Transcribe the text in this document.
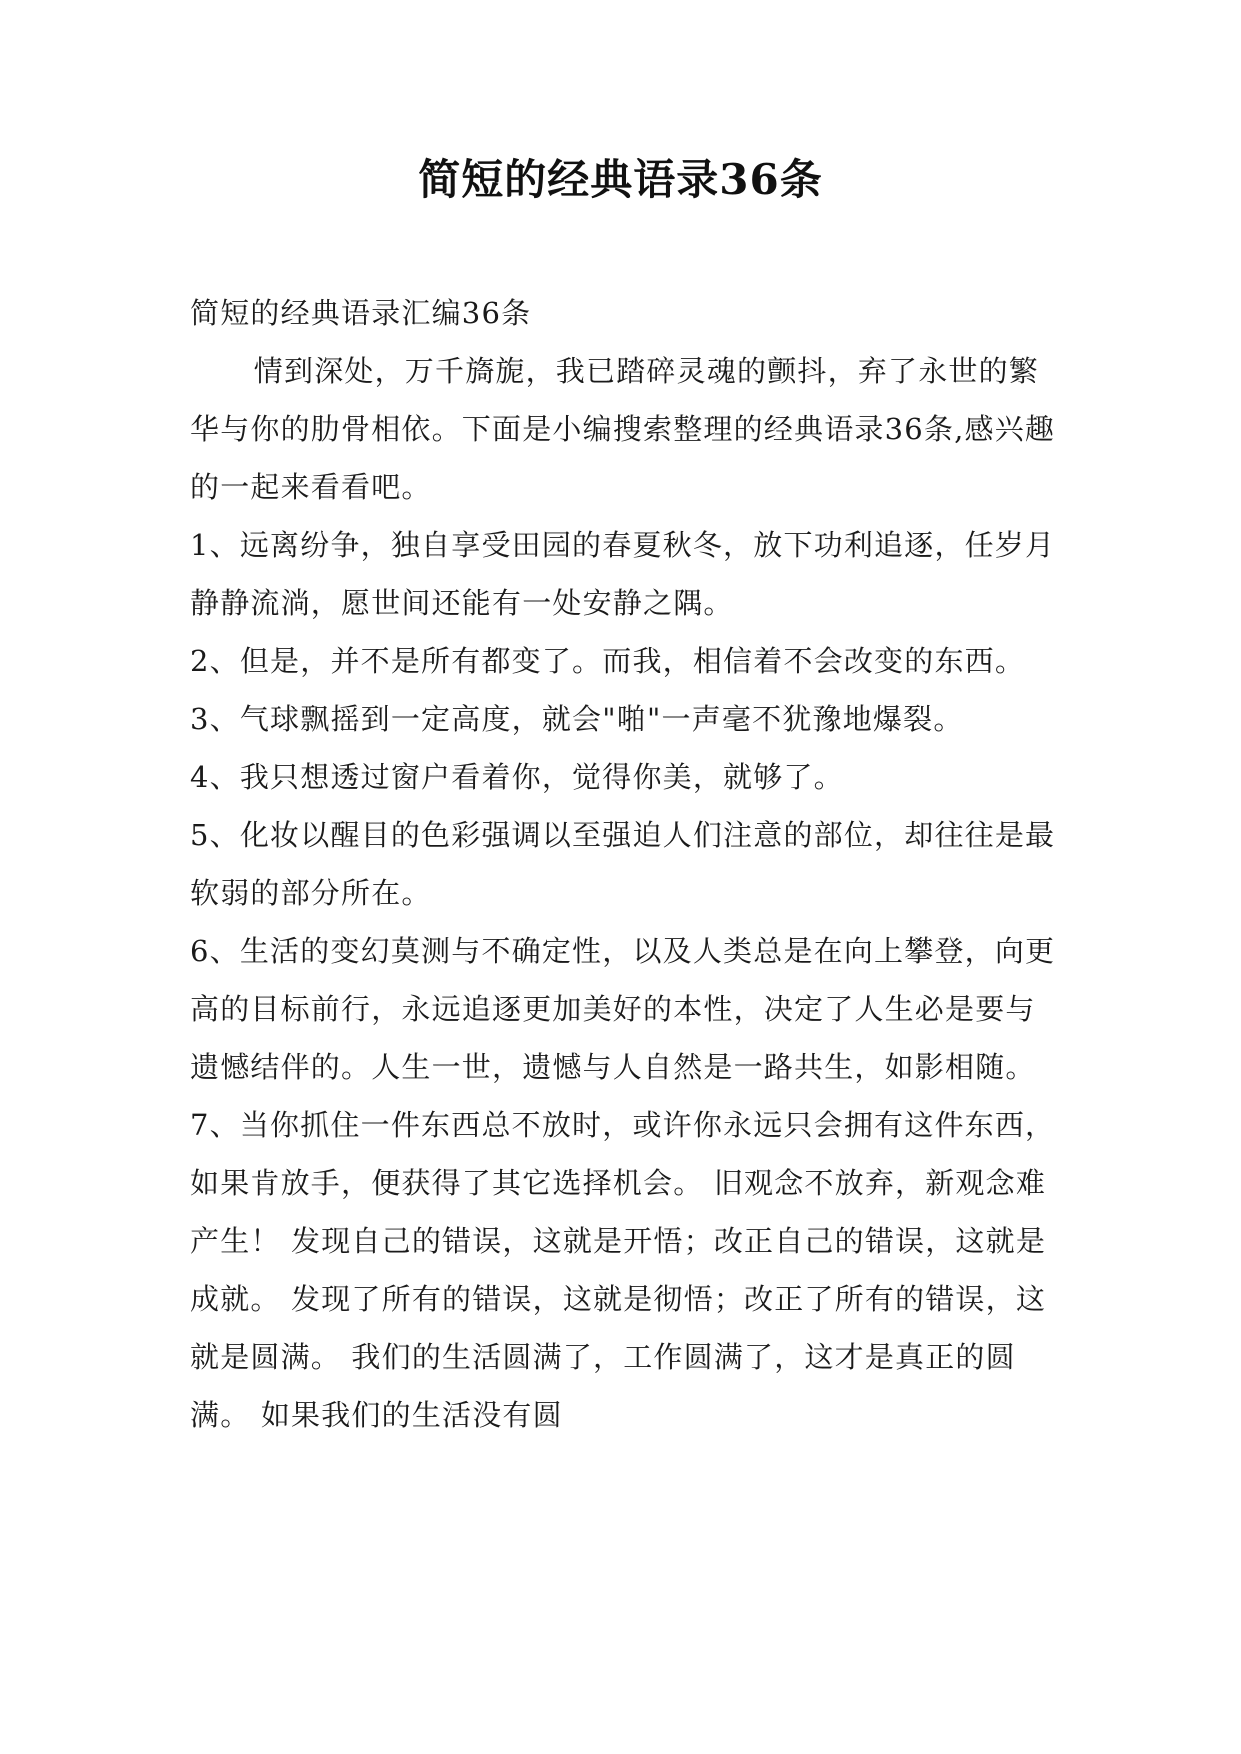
简短的经典语录36条

简短的经典语录汇编36条

情到深处，万千旖旎，我已踏碎灵魂的颤抖，弃了永世的繁华与你的肋骨相依。下面是小编搜索整理的经典语录36条,感兴趣的一起来看看吧。

1、远离纷争，独自享受田园的春夏秋冬，放下功利追逐，任岁月静静流淌，愿世间还能有一处安静之隅。

2、但是，并不是所有都变了。而我，相信着不会改变的东西。

3、气球飘摇到一定高度，就会"啪"一声毫不犹豫地爆裂。

4、我只想透过窗户看着你，觉得你美，就够了。

5、化妆以醒目的色彩强调以至强迫人们注意的部位，却往往是最软弱的部分所在。

6、生活的变幻莫测与不确定性，以及人类总是在向上攀登，向更高的目标前行，永远追逐更加美好的本性，决定了人生必是要与遗憾结伴的。人生一世，遗憾与人自然是一路共生，如影相随。

7、当你抓住一件东西总不放时，或许你永远只会拥有这件东西，如果肯放手，便获得了其它选择机会。 旧观念不放弃，新观念难产生！ 发现自己的错误，这就是开悟；改正自己的错误，这就是成就。 发现了所有的错误，这就是彻悟；改正了所有的错误，这就是圆满。 我们的生活圆满了，工作圆满了，这才是真正的圆满。 如果我们的生活没有圆
